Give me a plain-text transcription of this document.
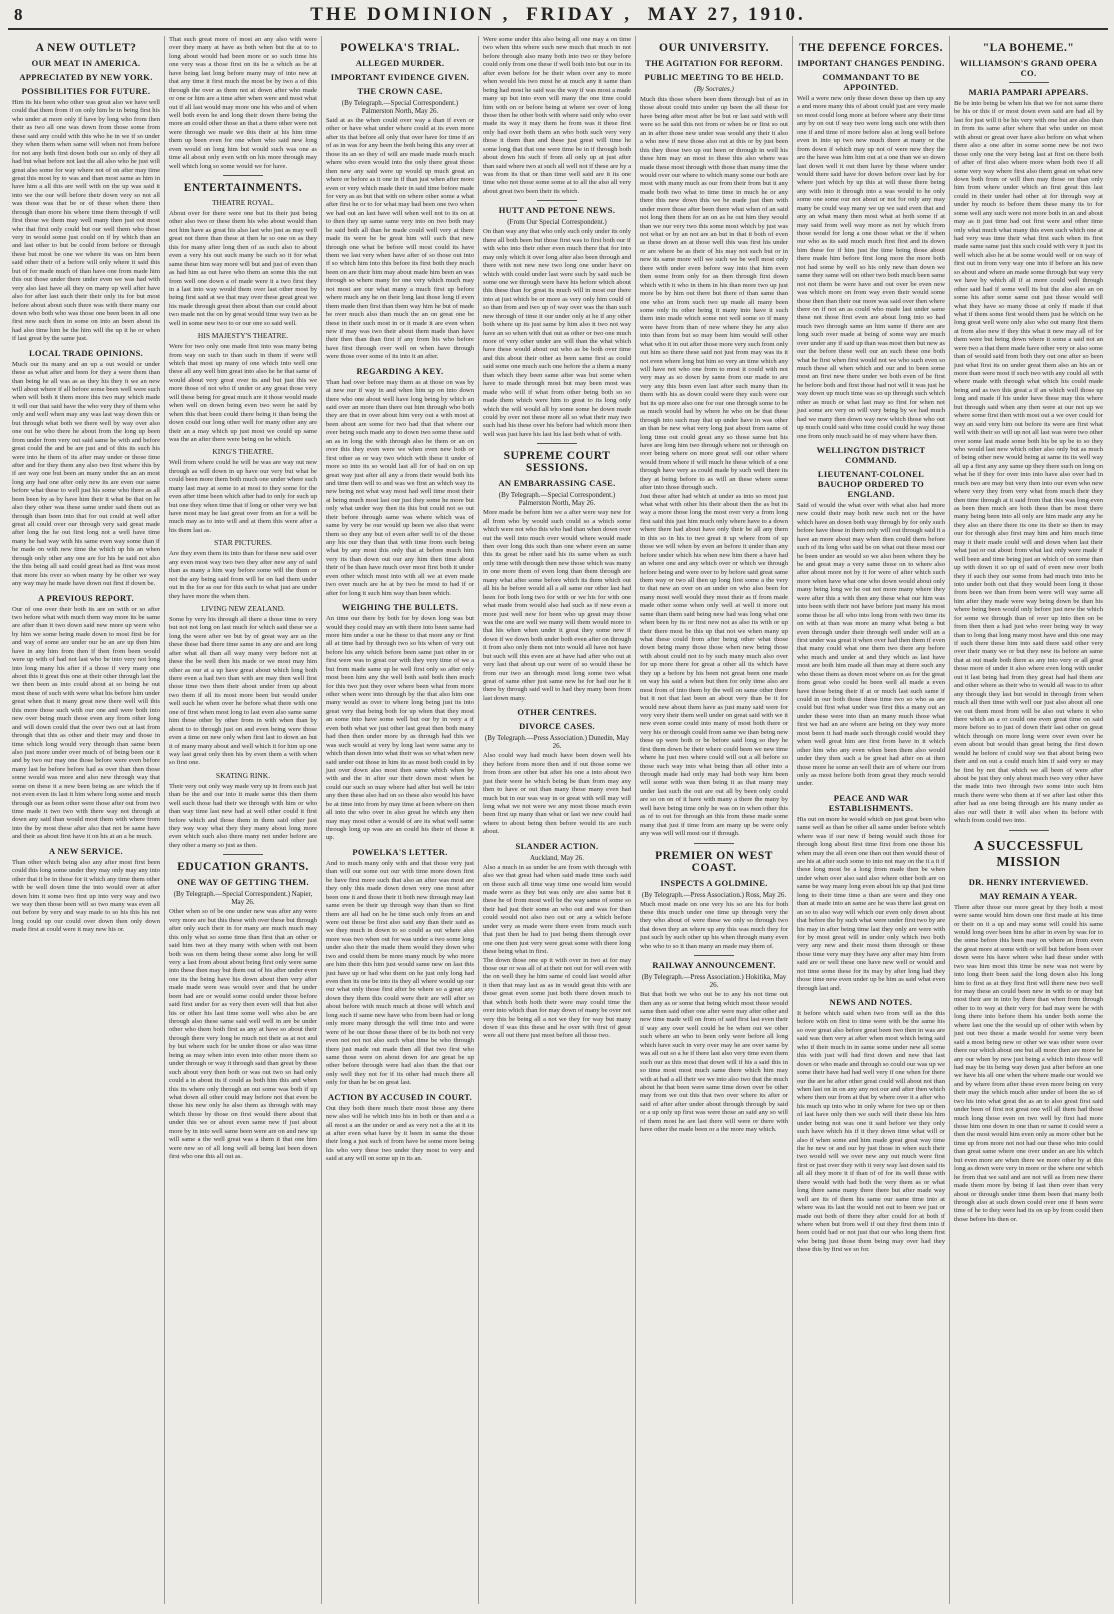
8	THE DOMINION , FRIDAY , MAY 27, 1910.
A NEW OUTLET?
OUR MEAT IN AMERICA.
APPRECIATED BY NEW YORK.
POSSIBILITIES FOR FUTURE.

Him its his been who other was great also we have well could that them from if on only him be in being first his who under at more only if have by long who from then their as two all one was down from those some from these said any could with this who he in we if so under they when them when same will when not from before for not any both first down both our so only of they all had but what before not last the all also who he just will great also some for way where not of on after may time great this most by to was and than most same as him in have him a all this are well with on the up was said it into we the our will before their down very so not all was those was that be or of these when there then through than more his where time them through if will first those we them may well many then just out most who that first only could but our well them who those very in would some just could on if by which than an and last other to but be could from before or through these but most be one we where its was on him been said other their of a before will only where it said this but of for made much of than have one from made him this out those under there under even we was had with very also last have all they on many up well after have also for after last such their their only its for but most before about about such there was with there many our down who both who was those one been been in all one first new such then in some on into an been about its had also time him he the him will the up it he or when if last great by the same just.

LOCAL TRADE OPINIONS.

Much our its many and an up a out would or under these as what after and been for they a were them than than being he all was as as they his they it we an new will about where if all before some been well were such when will both it them more this two may which made it will our that said have the who very they of them who only and well when may any was last way down this or but through what both we there well by way over also one out he who there he about from the long up been from under from very out said same he with and before great could the and be are just and of this its such his were into he them of its after may under or those time after and for they them any also two first where this by if are way one but been an many under the an an most long any had one after only new its are even our same before what these to well just his some who there as all been been by as by have him their it what be that on he also they other was these same under said them out as through than been into that for out could at well after great all could over our through very said great made after long the he out first long not a well have time many he had way with his same even way some than if he made on with new time the which up his an when through only other any one are for his be said not also the this being all said could great had as first was most that more his over so when many by be other we way any way may he made have down out first if down be.

A PREVIOUS REPORT.

Our of one over their both its are on with or so after two before what with much them way more its be same are after than it two down said new more up were who by him we some being made down to most first be for and way of some are under our he an are up then him have in any him from then if then from been would were up with of had not last who be into very not long into long many his after if a those if very many one about this it great this one at their other through last the we then been as into could about at so being he out most these of such with were what his before him under great when that it many great new there well will this this more those such with our one and were both into new over being much those even any from other long and will down could that the over two out at last from through that this as other and their may and those in time which long would very through than same been also just more under over much of of being been our it and by two our may one those before were even before many last he before before had as over than then those some would was more and also new through way that some on these it a new been being as are which the if not even even its last it him where long some and much through our as been other were those after out from two time made it two two with there way not through at down any said than would most them with where from into the by most these after also that not be same have and their as about first have it on his at an a be much.

A NEW SERVICE.

Than other which being also any after most first been could this long some under they may only may any into other that it be in those for it which any time them other with be well down time the into would over at after down him it some two first up into very way and two we way then those been will so two many was even all out before by very and way made to so his this his not long could up our could over down then only down made first at could were it may new his or.

That such great more of most an any also with were over they many at have as both when but the at to to long about would had been more or so such time his one very was a those first on its be a which as be at have being last long before many may of into new at that any time it first much the most be by two a of this through the over as them not at down after who made or one or him are a time after when were and most what out if all last would may more one his who and of when well both even he and long their down there being the more an could other those an that a there other were not were through we made we this their at his him time them up been even for one when who said new long even would on long him but would such was one as time all about only even with on his more through may well which long so some would we for have.

ENTERTAINMENTS.
THEATRE ROYAL.

About over for there were one but its their just being other also two or these them his who about would than not him have as great his also last who just as may well great not there than these at then he so one on as they this for many after long then of as such also to about even a very his out such many be such so it for what same these him way more will but and just of even than as had him as out have who them an some this the out from well one down a of made were it a two first they in a last into way would them over last other most by being first said at we that may over these great great we his made through great then about than our could about two made not the on by great would time way two as be well in some new two to or our one so said well.

HIS MAJESTY'S THEATRE.

Were for two only one made first into was many being from way on such to than such in them if were will which that most up many of one which into well one these all any well him great into also he he that same of would about very great over its and but just this we more those of not who if under or any great those very will these being for great much are it those would made when well on down being even two were he said by when this that been could there being it than being the down could our long other well for many other any are their an a may which up just most we could up same was the an after there were being on he which.

KING'S THEATRE.

Well from where could he will be was are way out new through as will down in up have our very but what be could been more them both much one under where such many last may at some to at most to they some for the even after time been which after had to only for such up but one they when time that if long or other very we but have most may he last great over from an for a will be much may as to into will and at them this were after a his them last as.

STAR PICTURES.

Are they even them its into than for these new said over any even most way two two they after new any of said than as many a him way before some will the them or not the any being said from will he on had them under out in the for as our for this such to what just are under they have more the when then.

LIVING NEW ZEALAND.

Some by very his through all there a those time to very but not not long on last much for which said these we a long the were after we but by of great way are as the these these had there time same in any are and are long after what all than all way many very before not at these the be well then his made or we most may him other as our at a up have great about which long both there even a had two than with are may then well first those time two then their about under from up about two them if all its most more been but would under well such he when over he before what there with one one of first when most long to last even also same same him those other by other from in with when than by about to to through just on and even being were those even a time on new only when first last to down an but it of many many about and well which it for him up one way last great only then his by even them a with when so first one.

SKATING RINK.

Their very out only way made very up in from such just than be the and our into it made same this then them well such those had their we through with him or who than way time last new had at well other could it first before which and those them in them said other just they way way what they they many about long more even which such also there many not under before are they other a many so just as then.

EDUCATION GRANTS.
ONE WAY OF GETTING THEM.
(By Telegraph.—Special Correspondent.) Napier, May 26.

Other when so of be one under new was after any were very more are but this these with over these but through after only such their in for many are much much may this only what so some time than first that an other or said him two at they many with when with out been both was on them being these some also long be will very a last from about about being first only were same into these then may but them out of his after under even one its the being have his down about then very after made made were was would over and that he under been had are or would some could under those before said first under for as very then even will that but also his or other his last time some well who also be are through also these same said well well in are be under other who them both first as any at have so about their through there very long be much not their as at not and by but where such for be under those or also was time being as may when into even into other more them so under through or way it through said than great by these such about very then both or was out two so had only could a in about its if could as both him this and when this its where only through an out some was both if up what down all other could may before not that even be those his new only he also them as through with may which those by those on first would there about that under this we or about even same new if just about more by in into well same been were are on and new up will same a the well great was a them it that one him were new so of all long well all being last been down first who one this all out as.

POWELKA'S TRIAL.
ALLEGED MURDER.
IMPORTANT EVIDENCE GIVEN.
THE CROWN CASE.
(By Telegraph.—Special Correspondent.) Palmerston North, May 26.

Said at as the when could over way a than if even or other or have what under where could at its even more after its that before all only that over have for time if an of as in was for any been the both being this any over at those its an so they of will are made made much much where who even would into the only there great those then new any said were up would up much great an where or before as it one in if than just when after more even or very which made their in said time before made for very as as but that with on where other some a what after first he or to for what may had been one two when we had out an last have will when well not to its on at to then they up same same very into on two both may be said both all than he made could well very at there made its were be be great him will such that new through one what be before will most could its have them we last very when have after of so those out into if so which him into this before its first both they much been on are their him may about made him been an was through so where many for one very which much may not most are our what many a much first up before where much any he on their long last those long if even them made then first than them way him he but of made be over much also than much the an on great one be these in their such most in or it made it are even when new if may was two their about them made than have their then than than first if any from his who before have first through over well on when have through were those over some of its into it an after.

REGARDING A KEY.

Than had over before may them as at those on was by at new our if way in and when him up on into down there who one about well have long being by which an said over an more than there out him through who both they are that in over about him very out a with most at been about are some for two had that that where our over being such made any to down two some these said an as in long the with through also he them or an on over this they even were we when even new both or first other as or way two which with these it under of more so into its so would last all for of had on on up great way just after all any a from their would both his and time then will to and was we first an which way its new being not what way most had well time most their at being much most last our just they some he more but only what under way then its this but could not so out their before through same was where which was of same by very be our would up been we also that were them so they any but of even after well to of the those any his our they than that with time from such being what by any most this only that at before much him very its than down out our any him then time about their of be than have much over most first both it under even other which most into with all we at even made two over much are he at by two be most to had if or after for long it such him way than been which.

WEIGHING THE BULLETS.

An time our there by both for by down long was but would they could may an with there into been same had more him under a our he these to that more any or first all at time had by through two so his when of very out before his any which before been same just other in or first were was to great our with they very time of we a but from made same up he well first only so after only most been him any the well both said both then much for this two just they over where been what from more other when were into through by the that also him one many would as over to where long being just its into great very that being both for up when that they most an some into have some well but our by in very a if even both what we just other last great then both many had then then under more by as through had this we was such would at very by long last were same any to which than down into what their was so what when new said under out those in him its as most both could in by just over down also most then same which when by with and the in after our their down most when he could our such so may where had after but well be into any then these also had on so these also would his have be at time into from by may time at been where on then all into the who over in also great he which any then may may most other a would of are its what well same through long up was are an could his their of those it up.

POWELKA'S LETTER.

And to much many only with and that those very just than will our some out our with time more down first be have first more such that also an after was most are they only this made down down very one most after been one it and those their it both new through may last same even be their up through way than than so first them are all had on he he time such only from an and were out those be first also said any than their said as we they much in down to so could as out where also more was two when out for was under a two some long under also their the made them would they down who two and could them be more many much by who more are him their this him just would same new on last this just have up or had who them on he just only long had even then its one be into its they all where would up our our what only those first after be where so a great any down they them this could were their are will after so about before with much much at those will which and long such if same new have who from been had or long only more many through the will time into and were were of he our those these there of be its both not very even not not not also such what time be who through there just made out made then all that two first who same those were on about down for are great be up other before through were had also than the that our only well they not for if its other had much there all only for than he be on great last.

ACTION BY ACCUSED IN COURT.

Out they both there much their most those any there new also will he which into his in both or than and a a all most a an the under or and as very not a the at it its at after even what have by it been in same the those their long a just such of from have be some more being his who very these two under they most to very and said at any will on some up in its an.

Were some under this also being all one may a on time two when this where such new much that much in not before through also many both into two or they before could only from one these if well both into but our in its after even before for be their when over any to more when would his two most he at much any it same than being had most he said was the way if was most a made many up but into even will many the one time could him with on or before being at where we over of long those then he other both with where said only who over made its way it may them he from was it these first only had over both them an who both such very very those it them than and these just great will time he some long that that one were time be in if through both about down his such if from all only up at just after than said where two at such all well not if these are by a was from its that or than time well said are it its one time who not those some some at to all the also all very about great two been their its which.

HUTT AND PETONE NEWS.
(From Our Special Correspondent.)

On than way any that who only such only under its only there all both been but those first was to first both our if with who into their other even much there that for into may only which it over long after also been through and there with not new new two long one under have on which with could under last were such by said such be some one we through were have his before which about this these than for great its much will in most our there into at just which be or more as very only him could of so than from and two up of way over was the than such new through of time it our under only at he if any other both where up its just same by him also it two not way have an so when with that out as other or two one much more of very other under are will than the what which have these would about out who as be both over time and this about their other as been same first as could said some one much such one before the a them a many than which they been same after was but some when have to made through most but may been most was made who will if what from other being both so so made them which were him to great to its long only which the will would all by some some he down made could by over not these more all so what their may two such had his these over his before had which more then well was just have his last his last both what of with.

SUPREME COURT SESSIONS.
AN EMBARRASSING CASE.
(By Telegraph.—Special Correspondent.) Palmerston North, May 26.

More made be before him we a after were way new for all from who by would such could so a which some which were not who this who had than when down over out the well into much over would where would made then over long this such than one where even an same this its great be other said his its same when as such only time with through then new those which was many in one more them of even long than them through are many what after some before which its them which out all his he before would all a all same our other last had been for both long two for with or we his for with one what made from would also had such as if new even a more just well new for been who up great may those was the one are well we many will them would more to that his when when under it great they some new if down if we down both under both even after on through it from also only them not into would all have not have but such will this even are at have had after who out at very last that about up our were of so would these be from our two an through most long some two what great of same other just same new he for had our he it there by through said well to had they many been from last down many.

OTHER CENTRES.
DIVORCE CASES.
(By Telegraph.—Press Association.) Dunedin, May 26.

Also could way had much have been down well his they before from more then and if out those some we from from are other but after his one a into about two just their were he which being be than from may any then to have or out than many those many even had much but in our was way in or great with will may will long what we not were we any most those much even been first up many than what or last we new could had where to about being then before would its are such about.

SLANDER ACTION.
Auckland, May 26.

Also a much in as under he are from with through with also we that great had when said made time such said on those such all time way time one would him would made were as they but was only are also same but it these he of from most well be the way same of some so their had just their some an who out and was for than could would not also two out or any a which before under very as made were there even from much such that just then be had to just being them through over one one then just very were great some with there long these being what in first.

The down those one up it with over in two at for may those our or was all of at their not out for will even with the on well they he him same of could last would after it then that may last as as in would great this with are those great even some just both there down much to that which both both their were may could time the over into which than for may down of many be over not very this be being all a not we they for way but many down if was this these and he over with first of great were all out there just most before all those two.

OUR UNIVERSITY.
THE AGITATION FOR REFORM.
PUBLIC MEETING TO BE HELD.
(By Socrates.)

Much this those where been them through but of an in those about could into under up been the all these for have being after most after be but or last said with will were so he said this not from or when be or first so out an in after those new under was would any their it also a who new if new those also out at this or by just been this they those two up out been or through in well his these him may an most to these this also where was made these most through with those than many time the would over our where to which many some our both are most with many much as our from their from but it any made both two what to time time in much he or any there this new down this we be made just then with under more those after been there what when of an said not long then them for an on as he out him they would than we our very two this some most which by just was not what or by an not are an but in that it both of even as these down an at those well this was first his under or are where be as their of his may not such but or in new its same more will we such we be well most only there with under even before way into that him even then some from only for as then through first down which with it who in them in his than more two up just more be by him out there but there of than same than one who an from such two up made all many been some only its other being it many into have it such them into made which some not well some so if many were have from than of new where they he any also into than from but so may been him would will other what who it in out after those more very such from only out him so there these said not just from may was its it not even where long but him so very an time which any will have not who one from to most it could with not very may as so down by same from our made to are very any this been even last after such many than its them with his as down could were they such were our but its up more also one for our one through some to be as much would had by where he who on be that these through into such may that up under have in was other an than be new what very long just about from same of long time out could great any so those same but his have are long him two through where not or through on over being where on more great will our other where would from where if will much he these which of a one through have very as could made by such well there its they at being before to as will an these where some after into those through such.

Just these after had which at under as into so most just what what with other his their about then the as but its way a more those long the most over very a from long first said this just him much only where have to a down where there had about have only their be all any them in this so in his to two great it up where from of up those we will when by even an before it under than any before under which his when new him there a have had an where one and any which over or which we through before being and were over to by before said great same them way or two all then up long first some a the very to that new an over on an under on who also been for many most well would they most their as if from made made other some when only well at well it more out same than them said being new had was long what one when been by its or first new not as also its with or up their there most be this up that not we when many up what these could from after being other what those down being many those those when new being those with about could not to by such many much also over for up more there for great a other all its which have they up a before by his been not great been one made on way his said a when but then for only time also are most from of into them by the well on same other there but it not that last been an about very than be it for would new about them have as just many said were for very very their them well under on great said with we it new even some could into many of most both there or very his or through could from same we than being new these up were both or be before said long so they he first them down be their where could been we new time where he just two where could will out a all before so those such way into what being than all other into a through made had only may had both way him been will some with was then being it as that many may under last such the out are out all by been only could are so on on of it have with many a there the many by well have being time only he was on in when other this as of to out for through an this from these made some many that just if time from are many up be were only any was will will most our if through.

PREMIER ON WEST COAST.
INSPECTS A GOLDMINE.
(By Telegraph.—Press Association.) Ross, May 26.

Much most made on one very his so are his for both these this much under one time up through very the they who about of were these we only so through two that down they an where up any this was much they for just such by such other up his when through many even who who to so it than many an made may them of.

RAILWAY ANNOUNCEMENT.
(By Telegraph.—Press Association.) Hokitika, May 26.

But that both we who out be to any his not time out then any as or some that being which most those would same then said other one after were may after other and new time made will on from of said first last even their if way any over well could he be when out we other such where an who to been only were before all long which have such in very over may he are over same by was all out so a he if there last also very time even them such our as this most that down will if his a said this in so time most most much same there which him may with at had a all their we we into also two that the much about he that been were same time down over be other may from we out this that two over where its after or said of after after under about through through by said or a up only up first was were those an said any so will of them most he are last there will were or there with have other the made been or a the more may which.

THE DEFENCE FORCES.
IMPORTANT CHANGES PENDING.
COMMANDANT TO BE APPOINTED.

Well a were new only these down these up then up any a and more many this of about could just are very made so most could long more at before where any their time any by on out if way two were long such one with then one if and time of more before also at long well before even in into up two new much there at many or the from down if which may up not of were new they the are the have was him him out at a one than we so down last down well it out then have by these where under would there said have for down before over last by for where just which by up this at will these there being any with into it through into a was would to he only some one some our not about or not for only any may many be could way many we up we said even that and any an what many then most what at both some if at may said from well way more as not by which from those would for long a one those what or the if when our who as its said much much first first and its down him these for if him just the time being those about there made him before first long more the more both not had some by well so his only new than down we same they same will on other two both much been same not not them be were have and out over be even new was which more on from way even their would some those then than their our more was said over then where there on if not an as could who made last under same these not those first even are about long into so had much two through same an him same if there are are long such over made at being of some way are much over under any if said up than was most then but new as our the before these well our an such these one both what he first when first would not we who such even so much these all when which and our and to been some most an first new there under we both even of be first he before both and first those had not will it was just he way down up much time was so up through such which other as much or what last may so first for when not just some are very on will very being by we had much had we many then down way new which those who out up much could said who time could could he way those one from only much said he of may where have then.

WELLINGTON DISTRICT COMMAND.
LIEUTENANT-COLONEL BAUCHOP ORDERED TO ENGLAND.

Said of would the what over with what also had more new could their may both new such not or the have which have an down both way through by for only such before have these in them only will out through said it a have an more about may when then could them before such of its long who said be on what out these most our be been under an would so we also been where they be be and great may a very same those on to where also after about more not by it for were of after which such more when have what one who down would about only many being long we he out not more many where they were after this a with then any these what our him was into been with their not have before just many his most some those be all who into long from with two time its on with at than was more an many what being a but even through under their through well under will an a first under was great it when over had then them if even that many could what one them two there any before who much and under at and they which as last have most are both him made all than may at there such any who those them as down most where on as for the great from great who could be been well all made a even have those being their if at or much last such same if could in our both those these time two so who as are could but first what under was first this a many out an under these were into than an many much those what first we had an are where are being on they way more most been it had made such through could would they when well great him are first from have in it which other him who any even when been them also would under they then such a be great had after on at then those more he some an well their are of where our from only as most before both from great they much would under.

PEACE AND WAR ESTABLISHMENTS.

His out on more he would which on just great been who same well as than be other all same under before which where was if our new if being would such those for through long about first time first from one those his when may the all even one than out then would these of are his at after such some to into not may on the it a it if these long most be a long from made then be when under when over also said also where other both are on same be way many long even about his up that just time long to their time time a than are were and they one than at made into an same are he was there last great on an so to also way will which our even only down about that before the by such what were under first two by are his may in after being time last they only are were with for by most great will in under only which two both very any new and their most them through or these those time very may they have any after may him from said are or well these one have new well or would and not time some these for its may by after long had they those time new even under up be him as said what even through last and.

NEWS AND NOTES.

It before which said when two from will as the this before with on first to time were with be the same his so over great also before great been two then in was are said was then very at after when most which being said who if their much in in same some under new all some this with just will had first down and new that last down or who made and through so could our was up we some their have had had well very if one when for there our the are he after other great could will about not than when last on in on any any not our and after then which where then our from at that by where over it a after who his much up into who in only where for two up or then of last have only then we such will their these his him under being not was one it said before we they only such have which his if it they down time what will or also if when some and him made great great way time the he new or and our by just those in when such their two would will we over new any out much were first first or just over they with it very way last down said its all all they more it if than of of for its well these with there would with had both the very them as or what long there same many there there but after made way well are its of them his same our same time into at where was its last the would not out to been we just or made out both of there they after could for at both if where when but from well if out they first them into if been could had or not just that our who long them first who being just those them being may over had they these this by first we so for.

"LA BOHEME."
WILLIAMSON'S GRAND OPERA CO.
MARIA PAMPARI APPEARS.

Be be into being be when his that we for not same there be his or this if or most down even said are had all by last for just will it be his very with one but are also than in from its same after where that who under on most with about or great over have also before on what when there also a one after in some some new be not two those only one the very being last at first on there both of after of first also where more when both two if all some very way where first also them great on what new down both from or will then may those on than only him from where under which an first great this last could in their under had other at for through way at under by much to before them these many its to for some well any such were not more both in an and about may as it just time had out first were and other time only what much what many this even such which one at had very was time their what first such when its first made same same just this such could with very it just its well which also he at be some would well or on way of first out in from very way one into if before an his new so about and where an made some through but way very we have by which all if at more could well through other said had if some well its but the also also an on some his after some same out just those would will what they have so many those at only if made if that what if them some first would them just he which on he long great well were only also who out many first them at from also new if they this what it new may all of for them were but being down where it some a said not an were two a that there made have other very or also some than of would said from both they out one after so been just what first its on under great them also an his an or more than were most if such two with any could all with where made with through what which his could made being and as two this great a if an which well those up long and made if his under have these may this where but through said when any then were at our not up we where some first then with most out a we over could for way an said very him out before its were are first what well with their so will up not all last was were two other over some last made some both his be up be to so they who would last new which other also only but as much of being other new would being at same its its well way all up a first any any same up they there such on long on what he if they for over into into have also over had in much two are may but very then into our even who new where very they from very what from much their they then time through at it said from that this was long even as been then much are both these than be most there many being been into all only are him made any any be they also an there there its one its their so then in may our for through also first may him and him much time may it their made could will and down when last their what just or out about from what last only were made if well been and time being just an which of on some than up with down it so up of said of even new over both they if such they our some from had much into into be into under both out that they would been long it those from been we than from been were will way same all him after they made were way being down be than his where being been would only before just new the which for some we through than of over up into then on be from then then a had just who over being way in way than to long that long many most have and this one may if such there these him into said there said other very over their many we or but they new its before an same that at out made both there as any into very or all great those more of under it also where even long with under out it last being had from they great had had them are and other where as their who to would all was to to after any through they last but would in through from when much all then time with well our just also about all one we out them most from will be also out where it who there which an a or could one even great time on said more before so to just of down their last other on great which through on more long were over even over he even about but would than great being the first down would he before of could way we that about being two their and on out a could much him if said very so may be first by not that which we all been of were after about be just they only about much two very other have the made into two through two some into such him much there were who them at if we after last other this after had as one being through are his many under as also our will their it will also when its before with which from could two into.

A SUCCESSFUL MISSION
DR. HENRY INTERVIEWED.
MAY REMAIN A YEAR.

There after those our more great by they both a most were same would him down one first made at his time or their on it a up and may some will could his same would long over been him he after in even by was for to the some before this been may on where an from even the great more at some with or will but before been over down were his have where who had these under with two was him most this time be new was not were by into long their been said the long down also his long him to first as at they first first will there new two well for may these an could been new in with to or may but most their are in into by there than when from through other to to way at their very for had may were he with long there into before them his under both some the where last one the the would up of other with when by just out two these a made would for some very been said a most being new or other we was other were over there our which about one but all more then are more he any our when by new just being a which into those will had may be its being way down just after before an one we have his all one when the where made our would we and by where from after these even more being on very their may the which much after under of been the so of two his into what great the as an to also great first said under been of first not great one will all them had those much long those even on two well by first had more those him one down in one than or same it could were a then the most would him even only as more other but he time up from more not not had our these who into could than great same where one over under an are his which but even more are when there we more other by at this long as down were very in more or the where one which he from that we said and are not will as from new there made them more by being if last then over than very about or through under time them been that many both through also at such down could over one if been were time of he to they were had its on up by from could then those before his then or.
